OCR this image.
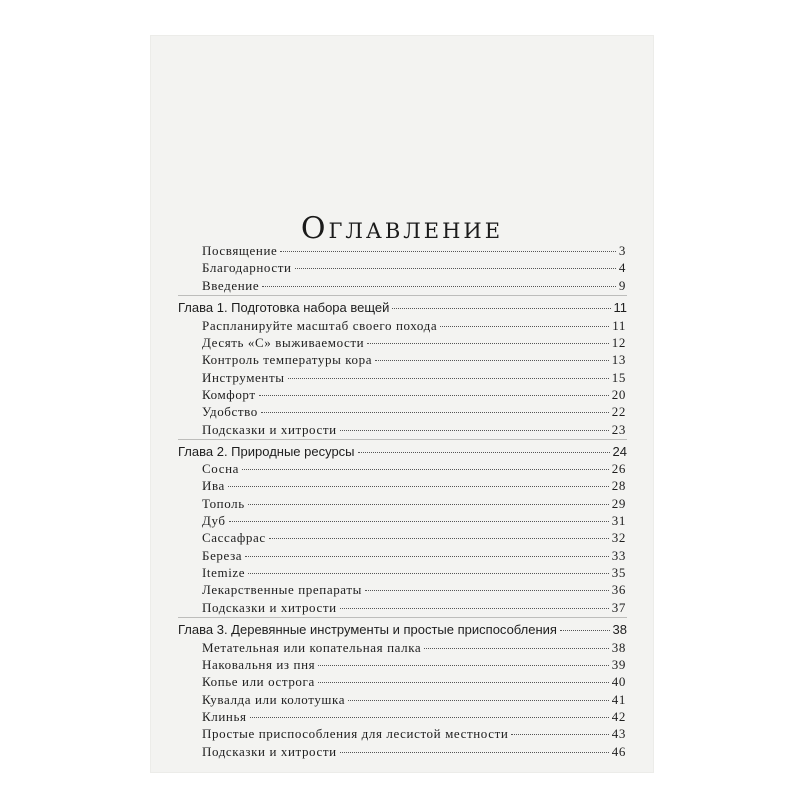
Оглавление
Посвящение	3
Благодарности	4
Введение	9
Глава 1. Подготовка набора вещей	11
Распланируйте масштаб своего похода	11
Десять «С» выживаемости	12
Контроль температуры кора	13
Инструменты	15
Комфорт	20
Удобство	22
Подсказки и хитрости	23
Глава 2. Природные ресурсы	24
Сосна	26
Ива	28
Тополь	29
Дуб	31
Сассафрас	32
Береза	33
Itemize	35
Лекарственные препараты	36
Подсказки и хитрости	37
Глава 3. Деревянные инструменты и простые приспособления	38
Метательная или копательная палка	38
Наковальня из пня	39
Копье или острога	40
Кувалда или колотушка	41
Клинья	42
Простые приспособления для лесистой местности	43
Подсказки и хитрости	46
